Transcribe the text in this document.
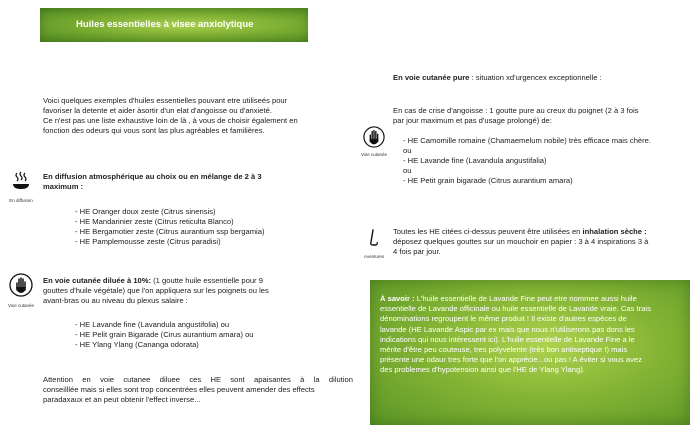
Huiles essentielles à visee anxiolytique
Voici quelques exemples d'huiles essentielles pouvant etre utiliseés pour
favoriser la detente et aider àsortir d'un elat d'angoisse ou d'anxieté.
Ce n'est pas une liste exhaustive loin de là , à vous de choisir également en
fonction des odeurs qui vous sont las plus agréables et familières.
En diffusion
En diffusion atmosphérique au choix ou en mélange de 2 à 3
maximum :
- HE Oranger doux zeste (Citrus sinensis)
- HE Mandarinier zeste (Citrus reticulta Blanco)
- HE Bergamotier zeste (Citrus aurantium ssp bergamia)
- HE Pamplemousse zeste (Citrus paradisi)
Voie cutanée
En voie cutanée diluée à 10%: (1 goutte huile essentielle pour 9
gouttes d'huile végétale) que l'on appliquera sur les poignets ou les
avant-bras ou au niveau du plexus salaire :
- HE Lavande fine (Lavandula angustifolia) ou
- HE Pelit grain Bigarade (Cirus aurantium amara) ou
- HE Ylang Ylang (Cananga odorata)
Attention en voie cutanee diluee ces HE sont apaisantes à la dilution
conseilllée mais si elles sont trop concentrées elles peuvent amender des effects
paradaxaux et an peut obtenir l'effect inverse...
En voie cutanée pure : situation xd'urgencex exceptionnelle :
En cas de crise d'angoisse : 1 goutte pure au creux du poignet (2 à 3 fois
par jour maximum et pas d'usage prolongé) de:
Voie cutanée
- HE Camomille romaine (Chamaemelum nobile) très efficace mais chère.
ou
- HE Lavande fine (Lavandula angustifalia)
ou
- HE Petit grain bigarade (Citrus aurantium amara)
Aventures
Toutes les HE citées ci-dessus peuvent être utilisées en inhalation sèche :
déposez quelques gouttes sur un mouchoir en papier : 3 à 4 inspirations 3 à
4 fois par jour.

À savoir : L'huile essentielle de Lavande Fine peut etre nommee aussi huile
essentielle de Lavande officinale ou huile essentielle de Lavande vraie. Cas trais
dénominations regroupent le même produit ! Il existe d'autres espèces de
lavande (HE Lavande Aspic par ex mais que nous n'utiliserons pas dons les
indications qui nous intéressent ici). L'huile essentielle de Lavande Fine a le
mérite d'être peu couteuse, tres polyvelente (très bon antiseptique !) mais
présente une odaur tres forte que l'on apprécie...ou pas ! A éviter si vous avez
des problemes d'hypotension ainsi que l'HE de Ylang Ylang).
